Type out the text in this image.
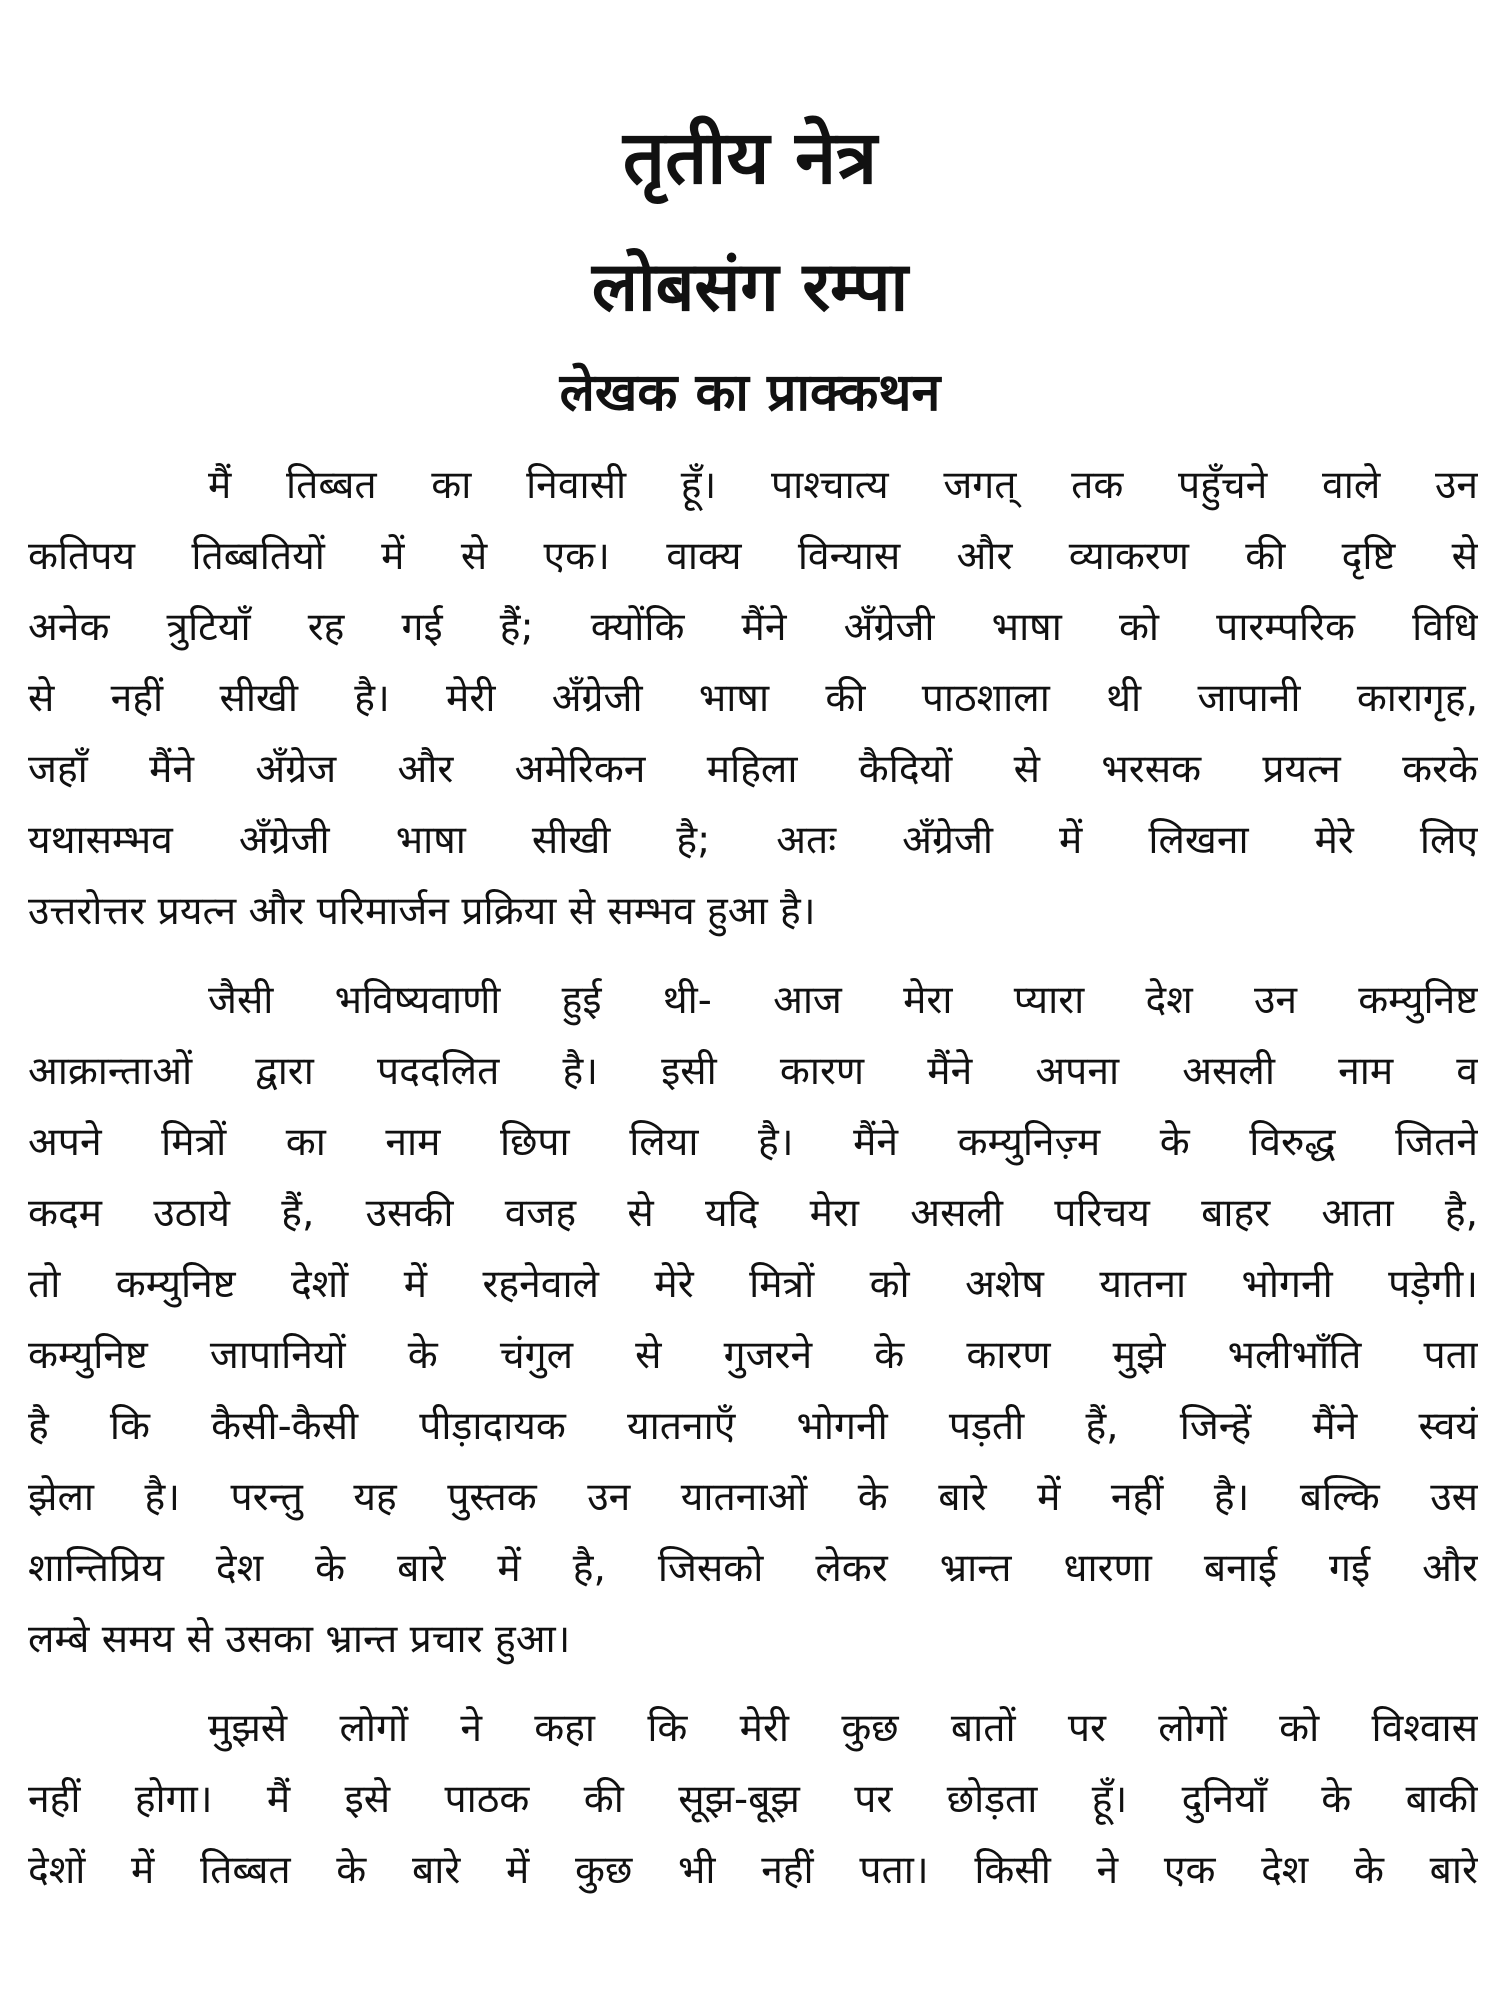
तृतीय नेत्र
लोबसंग रम्पा
लेखक का प्राक्कथन

मैं तिब्बत का निवासी हूँ। पाश्चात्य जगत् तक पहुँचने वाले उन
कतिपय तिब्बतियों में से एक। वाक्य विन्यास और व्याकरण की दृष्टि से
अनेक त्रुटियाँ रह गई हैं; क्योंकि मैंने अँग्रेजी भाषा को पारम्परिक विधि
से नहीं सीखी है। मेरी अँग्रेजी भाषा की पाठशाला थी जापानी कारागृह,
जहाँ मैंने अँग्रेज और अमेरिकन महिला कैदियों से भरसक प्रयत्न करके
यथासम्भव अँग्रेजी भाषा सीखी है; अतः अँग्रेजी में लिखना मेरे लिए
उत्तरोत्तर प्रयत्न और परिमार्जन प्रक्रिया से सम्भव हुआ है।

जैसी भविष्यवाणी हुई थी- आज मेरा प्यारा देश उन कम्युनिष्ट
आक्रान्ताओं द्वारा पददलित है। इसी कारण मैंने अपना असली नाम व
अपने मित्रों का नाम छिपा लिया है। मैंने कम्युनिज़्म के विरुद्ध जितने
कदम उठाये हैं, उसकी वजह से यदि मेरा असली परिचय बाहर आता है,
तो कम्युनिष्ट देशों में रहनेवाले मेरे मित्रों को अशेष यातना भोगनी पड़ेगी।
कम्युनिष्ट जापानियों के चंगुल से गुजरने के कारण मुझे भलीभाँति पता
है कि कैसी-कैसी पीड़ादायक यातनाएँ भोगनी पड़ती हैं, जिन्हें मैंने स्वयं
झेला है। परन्तु यह पुस्तक उन यातनाओं के बारे में नहीं है। बल्कि उस
शान्तिप्रिय देश के बारे में है, जिसको लेकर भ्रान्त धारणा बनाई गई और
लम्बे समय से उसका भ्रान्त प्रचार हुआ।

मुझसे लोगों ने कहा कि मेरी कुछ बातों पर लोगों को विश्वास
नहीं होगा। मैं इसे पाठक की सूझ-बूझ पर छोड़ता हूँ। दुनियाँ के बाकी
देशों में तिब्बत के बारे में कुछ भी नहीं पता। किसी ने एक देश के बारे
